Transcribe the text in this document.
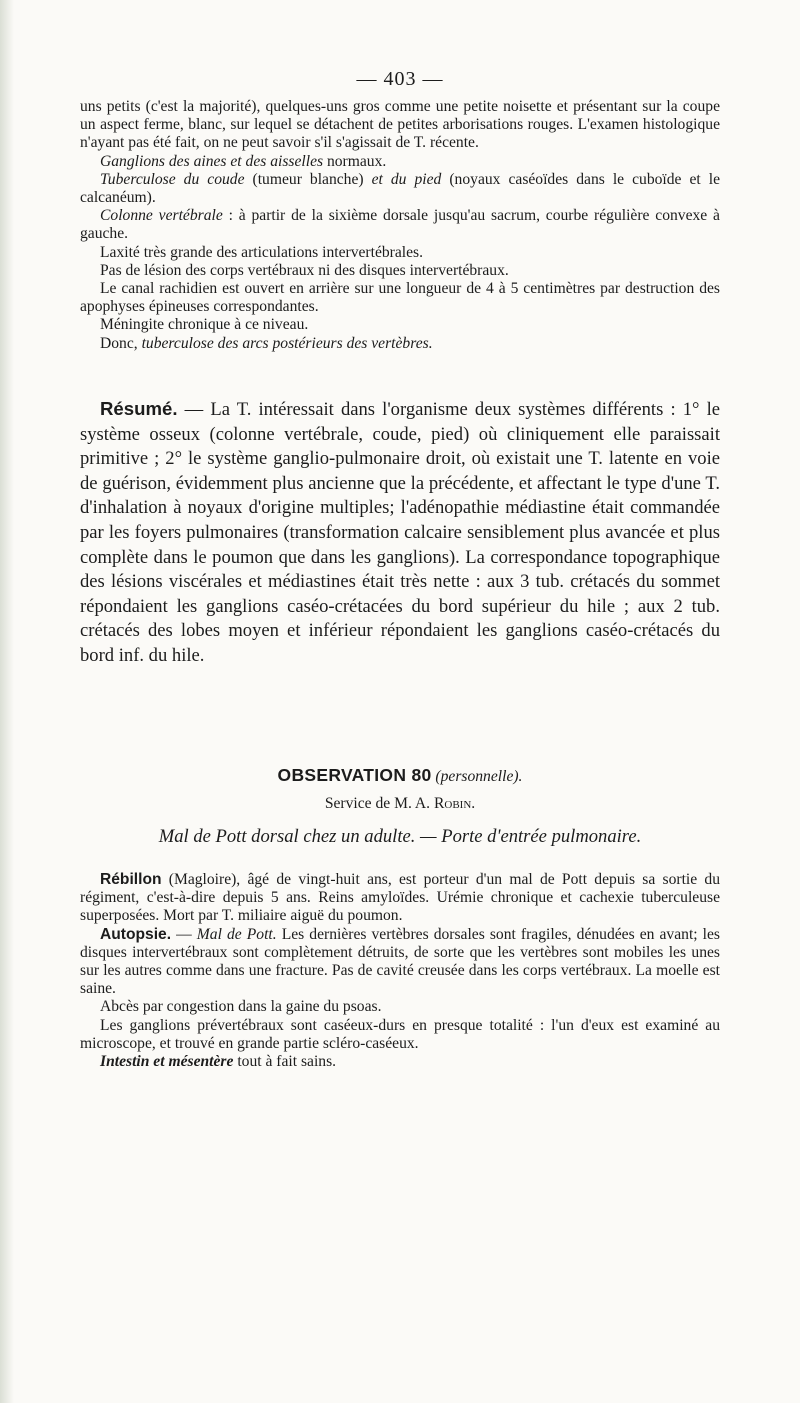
— 403 —

uns petits (c'est la majorité), quelques-uns gros comme une petite noisette et présentant sur la coupe un aspect ferme, blanc, sur lequel se détachent de petites arborisations rouges. L'examen histologique n'ayant pas été fait, on ne peut savoir s'il s'agissait de T. récente.

Ganglions des aines et des aisselles normaux.

Tuberculose du coude (tumeur blanche) et du pied (noyaux caséoïdes dans le cuboïde et le calcanéum).

Colonne vertébrale : à partir de la sixième dorsale jusqu'au sacrum, courbe régulière convexe à gauche.

Laxité très grande des articulations intervertébrales.

Pas de lésion des corps vertébraux ni des disques intervertébraux.

Le canal rachidien est ouvert en arrière sur une longueur de 4 à 5 centimètres par destruction des apophyses épineuses correspondantes.

Méningite chronique à ce niveau.

Donc, tuberculose des arcs postérieurs des vertèbres.

Résumé. — La T. intéressait dans l'organisme deux systèmes différents : 1° le système osseux (colonne vertébrale, coude, pied) où cliniquement elle paraissait primitive ; 2° le système ganglio-pulmonaire droit, où existait une T. latente en voie de guérison, évidemment plus ancienne que la précédente, et affectant le type d'une T. d'inhalation à noyaux d'origine multiples; l'adénopathie médiastine était commandée par les foyers pulmonaires (transformation calcaire sensiblement plus avancée et plus complète dans le poumon que dans les ganglions). La correspondance topographique des lésions viscérales et médiastines était très nette : aux 3 tub. crétacés du sommet répondaient les ganglions caséo-crétacées du bord supérieur du hile ; aux 2 tub. crétacés des lobes moyen et inférieur répondaient les ganglions caséo-crétacés du bord inf. du hile.

OBSERVATION 80 (personnelle).
Service de M. A. Robin.
Mal de Pott dorsal chez un adulte. — Porte d'entrée pulmonaire.

Rébillon (Magloire), âgé de vingt-huit ans, est porteur d'un mal de Pott depuis sa sortie du régiment, c'est-à-dire depuis 5 ans. Reins amyloïdes. Urémie chronique et cachexie tuberculeuse superposées. Mort par T. miliaire aiguë du poumon.

Autopsie. — Mal de Pott. Les dernières vertèbres dorsales sont fragiles, dénudées en avant; les disques intervertébraux sont complètement détruits, de sorte que les vertèbres sont mobiles les unes sur les autres comme dans une fracture. Pas de cavité creusée dans les corps vertébraux. La moelle est saine.

Abcès par congestion dans la gaine du psoas.

Les ganglions prévertébraux sont caséeux-durs en presque totalité : l'un d'eux est examiné au microscope, et trouvé en grande partie scléro-caséeux.

Intestin et mésentère tout à fait sains.
